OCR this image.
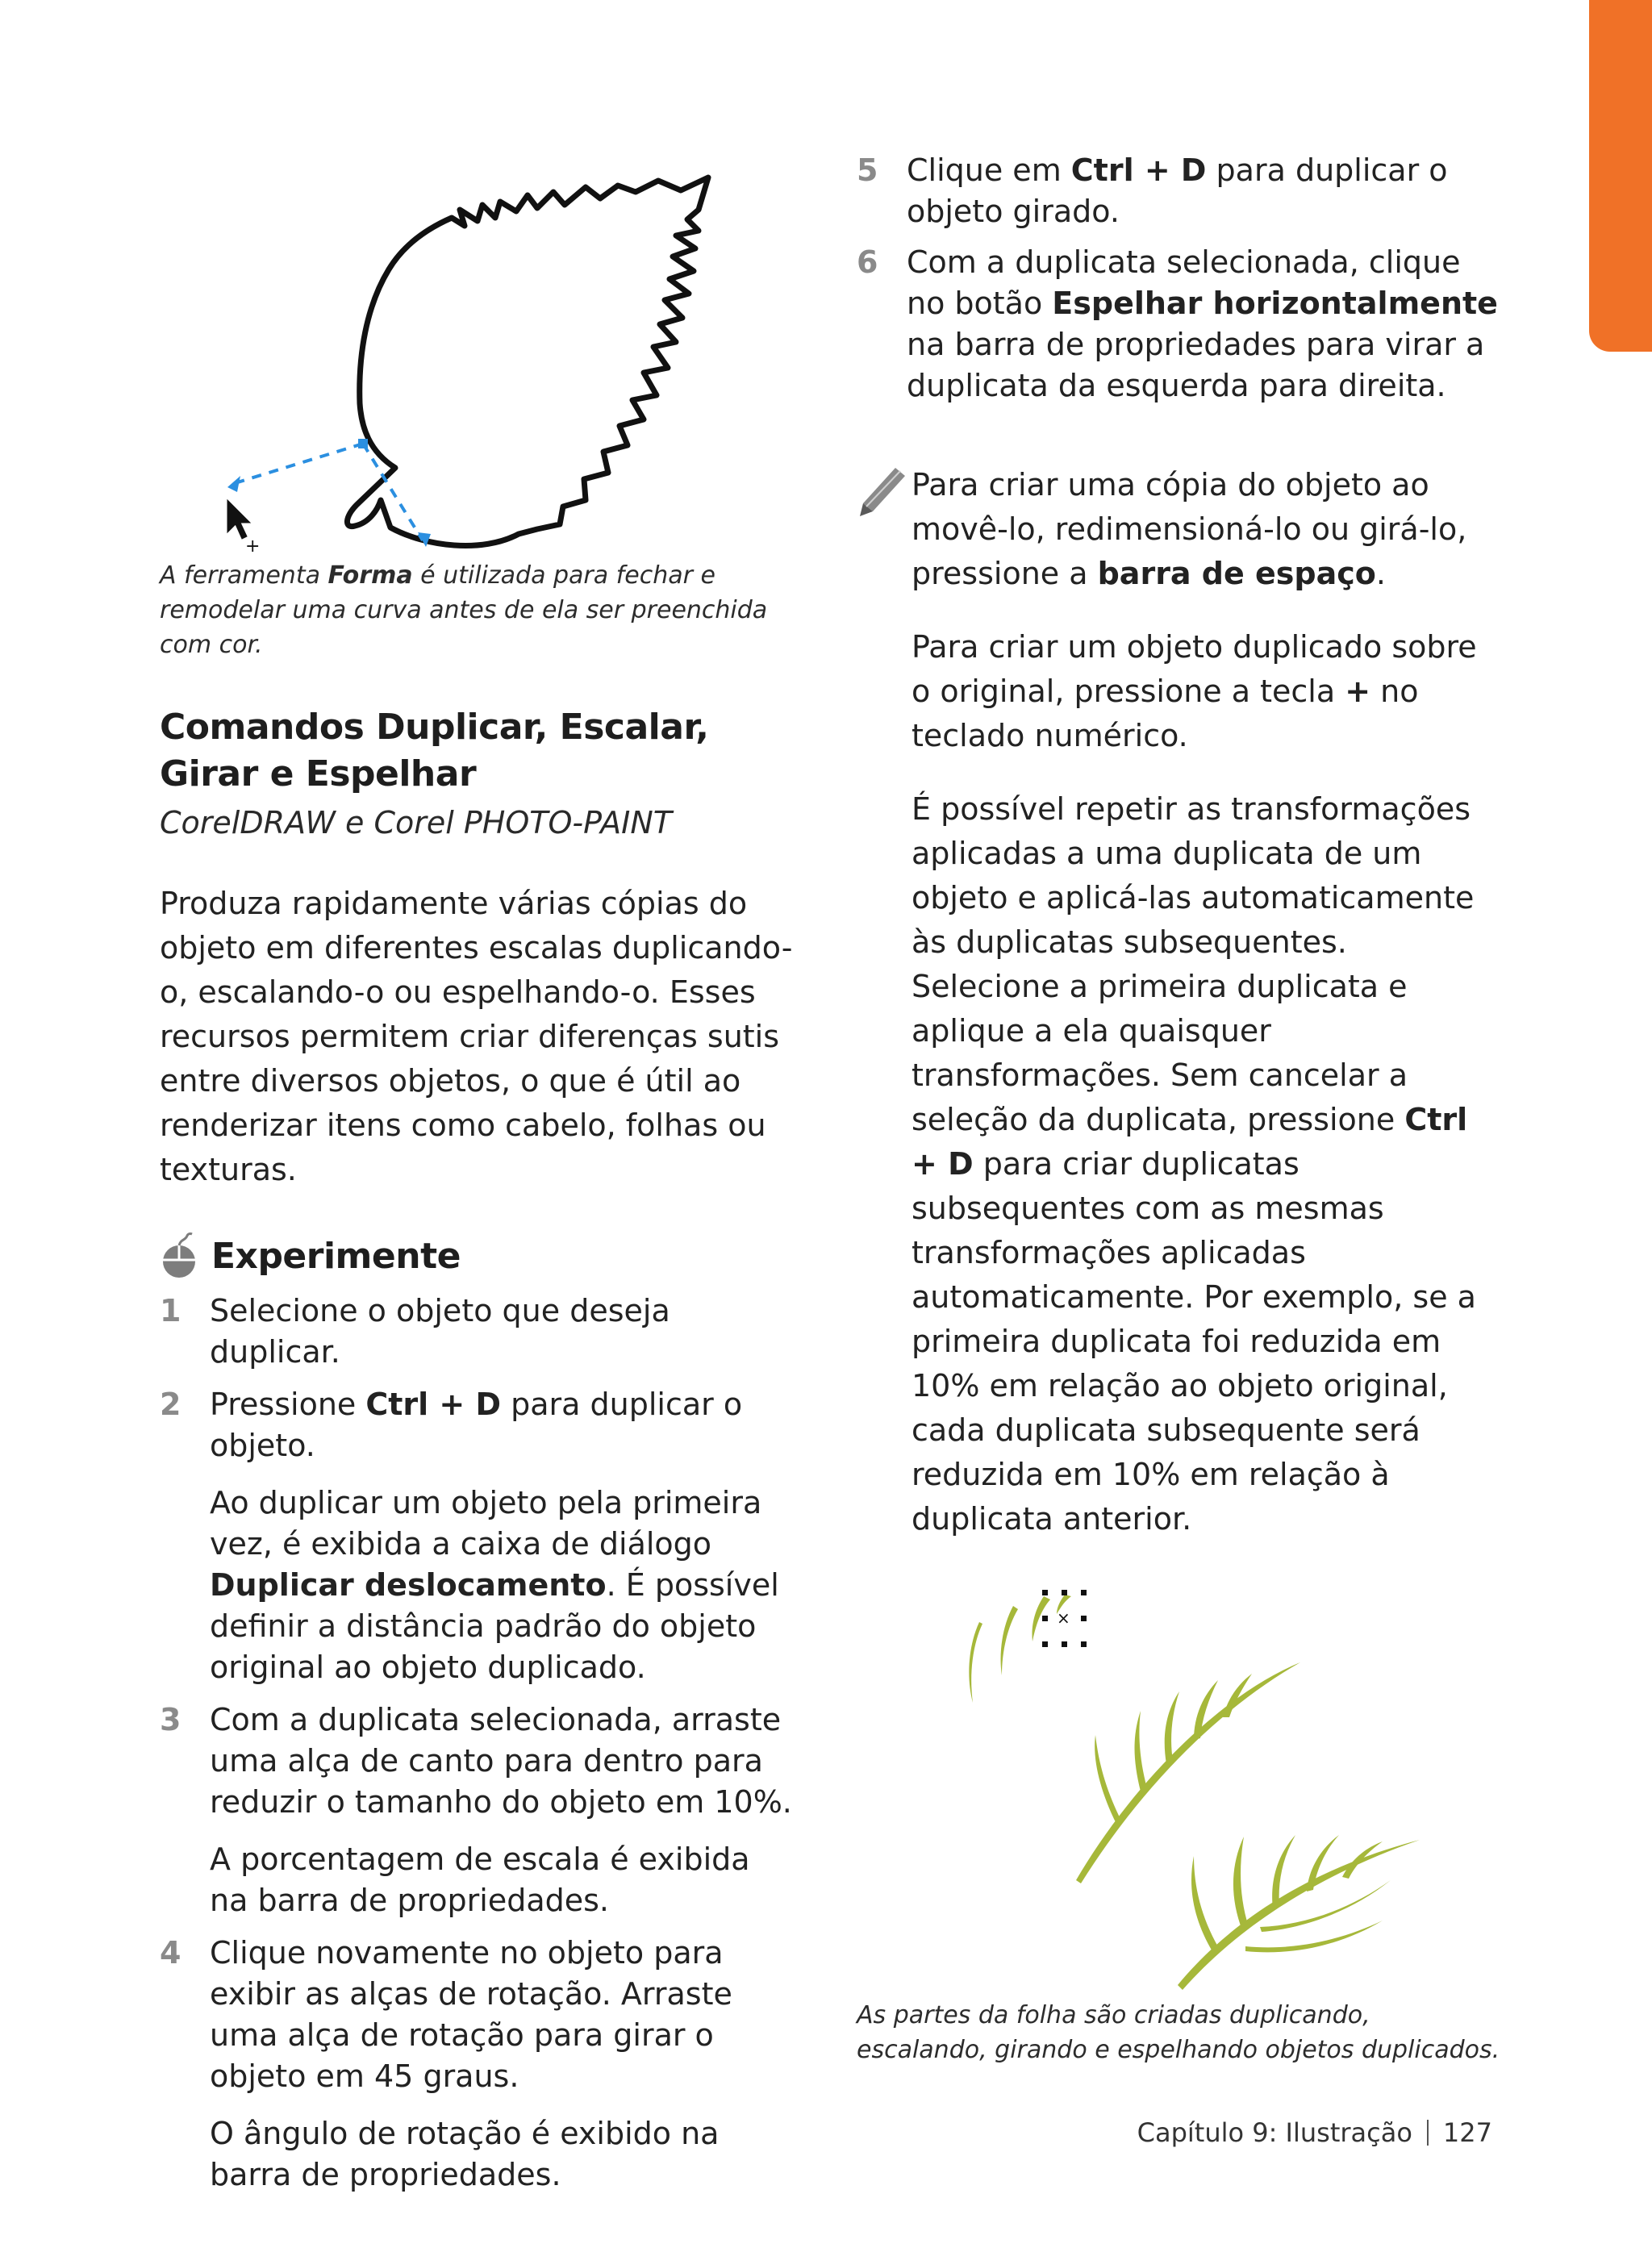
+
A ferramenta Forma é utilizada para fechar e remodelar uma curva antes de ela ser preenchida com cor.
Comandos Duplicar, Escalar, Girar e Espelhar
CorelDRAW e Corel PHOTO-PAINT
Produza rapidamente várias cópias do objeto em diferentes escalas duplicando-o, escalando-o ou espelhando-o. Esses recursos permitem criar diferenças sutis entre diversos objetos, o que é útil ao renderizar itens como cabelo, folhas ou texturas.
Experimente
1 Selecione o objeto que deseja duplicar.
2 Pressione Ctrl + D para duplicar o objeto.
Ao duplicar um objeto pela primeira vez, é exibida a caixa de diálogo Duplicar deslocamento. É possível definir a distância padrão do objeto original ao objeto duplicado.
3 Com a duplicata selecionada, arraste uma alça de canto para dentro para reduzir o tamanho do objeto em 10%.
A porcentagem de escala é exibida na barra de propriedades.
4 Clique novamente no objeto para exibir as alças de rotação. Arraste uma alça de rotação para girar o objeto em 45 graus.
O ângulo de rotação é exibido na barra de propriedades.
5 Clique em Ctrl + D para duplicar o objeto girado.
6 Com a duplicata selecionada, clique no botão Espelhar horizontalmente na barra de propriedades para virar a duplicata da esquerda para direita.
Para criar uma cópia do objeto ao movê-lo, redimensioná-lo ou girá-lo, pressione a barra de espaço.
Para criar um objeto duplicado sobre o original, pressione a tecla + no teclado numérico.
É possível repetir as transformações aplicadas a uma duplicata de um objeto e aplicá-las automaticamente às duplicatas subsequentes. Selecione a primeira duplicata e aplique a ela quaisquer transformações. Sem cancelar a seleção da duplicata, pressione Ctrl + D para criar duplicatas subsequentes com as mesmas transformações aplicadas automaticamente. Por exemplo, se a primeira duplicata foi reduzida em 10% em relação ao objeto original, cada duplicata subsequente será reduzida em 10% em relação à duplicata anterior.
×
As partes da folha são criadas duplicando, escalando, girando e espelhando objetos duplicados.
Capítulo 9: Ilustração 127
